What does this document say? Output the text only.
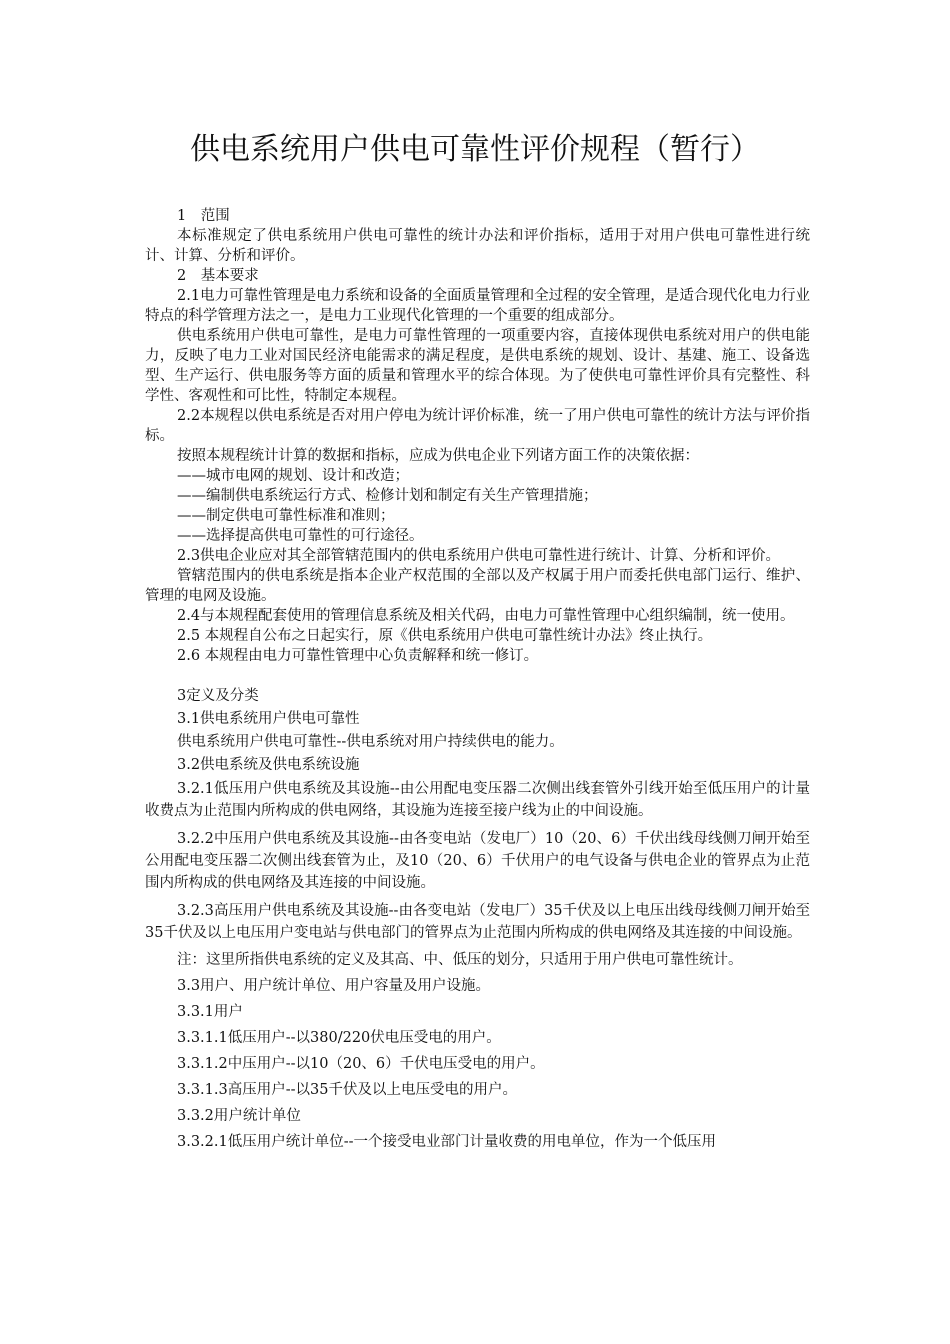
供电系统用户供电可靠性评价规程（暂行）

1　范围

本标准规定了供电系统用户供电可靠性的统计办法和评价指标，适用于对用户供电可靠性进行统计、计算、分析和评价。

2　基本要求

2.1电力可靠性管理是电力系统和设备的全面质量管理和全过程的安全管理，是适合现代化电力行业特点的科学管理方法之一，是电力工业现代化管理的一个重要的组成部分。

供电系统用户供电可靠性，是电力可靠性管理的一项重要内容，直接体现供电系统对用户的供电能力，反映了电力工业对国民经济电能需求的满足程度，是供电系统的规划、设计、基建、施工、设备选型、生产运行、供电服务等方面的质量和管理水平的综合体现。为了使供电可靠性评价具有完整性、科学性、客观性和可比性，特制定本规程。

2.2本规程以供电系统是否对用户停电为统计评价标准，统一了用户供电可靠性的统计方法与评价指标。

按照本规程统计计算的数据和指标，应成为供电企业下列诸方面工作的决策依据：

——城市电网的规划、设计和改造；

——编制供电系统运行方式、检修计划和制定有关生产管理措施；

——制定供电可靠性标准和准则；

——选择提高供电可靠性的可行途径。

2.3供电企业应对其全部管辖范围内的供电系统用户供电可靠性进行统计、计算、分析和评价。

管辖范围内的供电系统是指本企业产权范围的全部以及产权属于用户而委托供电部门运行、维护、管理的电网及设施。

2.4与本规程配套使用的管理信息系统及相关代码，由电力可靠性管理中心组织编制，统一使用。

2.5 本规程自公布之日起实行，原《供电系统用户供电可靠性统计办法》终止执行。

2.6 本规程由电力可靠性管理中心负责解释和统一修订。

3定义及分类

3.1供电系统用户供电可靠性

供电系统用户供电可靠性--供电系统对用户持续供电的能力。

3.2供电系统及供电系统设施

3.2.1低压用户供电系统及其设施--由公用配电变压器二次侧出线套管外引线开始至低压用户的计量收费点为止范围内所构成的供电网络，其设施为连接至接户线为止的中间设施。

3.2.2中压用户供电系统及其设施--由各变电站（发电厂）10（20、6）千伏出线母线侧刀闸开始至公用配电变压器二次侧出线套管为止，及10（20、6）千伏用户的电气设备与供电企业的管界点为止范围内所构成的供电网络及其连接的中间设施。

3.2.3高压用户供电系统及其设施--由各变电站（发电厂）35千伏及以上电压出线母线侧刀闸开始至35千伏及以上电压用户变电站与供电部门的管界点为止范围内所构成的供电网络及其连接的中间设施。

注：这里所指供电系统的定义及其高、中、低压的划分，只适用于用户供电可靠性统计。

3.3用户、用户统计单位、用户容量及用户设施。

3.3.1用户

3.3.1.1低压用户--以380/220伏电压受电的用户。

3.3.1.2中压用户--以10（20、6）千伏电压受电的用户。

3.3.1.3高压用户--以35千伏及以上电压受电的用户。

3.3.2用户统计单位

3.3.2.1低压用户统计单位--一个接受电业部门计量收费的用电单位，作为一个低压用
